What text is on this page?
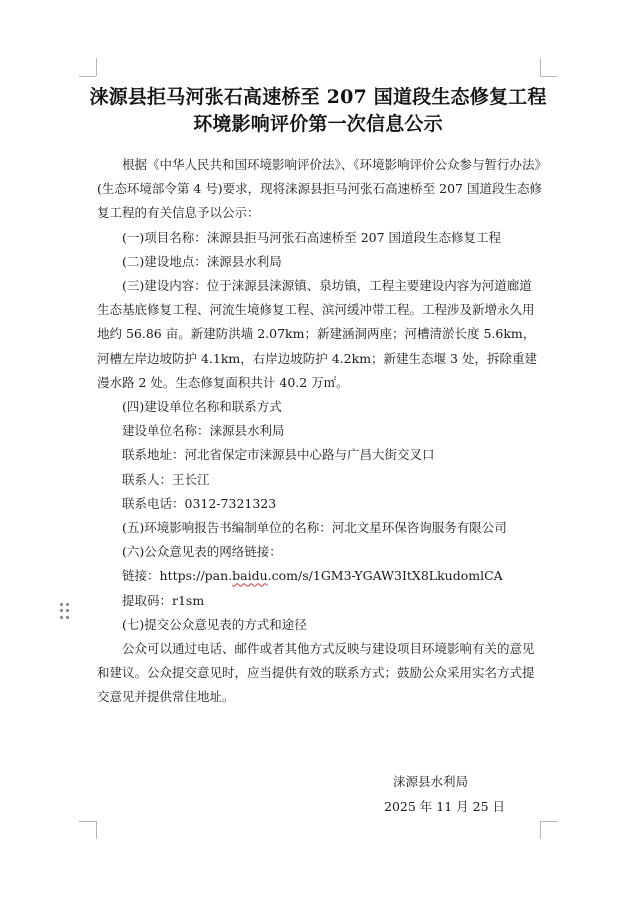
涞源县拒马河张石高速桥至 207 国道段生态修复工程
环境影响评价第一次信息公示

根据《中华人民共和国环境影响评价法》、《环境影响评价公众参与暂行办法》(生态环境部令第 4 号)要求，现将涞源县拒马河张石高速桥至 207 国道段生态修复工程的有关信息予以公示：

(一)项目名称：涞源县拒马河张石高速桥至 207 国道段生态修复工程

(二)建设地点：涞源县水利局

(三)建设内容：位于涞源县涞源镇、泉坊镇，工程主要建设内容为河道廊道生态基底修复工程、河流生境修复工程、滨河缓冲带工程。工程涉及新增永久用地约 56.86 亩。新建防洪墙 2.07km；新建涵洞两座；河槽清淤长度 5.6km，河槽左岸边坡防护 4.1km，右岸边坡防护 4.2km；新建生态堰 3 处，拆除重建漫水路 2 处。生态修复面积共计 40.2 万㎡。

(四)建设单位名称和联系方式

建设单位名称：涞源县水利局

联系地址：河北省保定市涞源县中心路与广昌大街交叉口

联系人：王长江

联系电话：0312-7321323

(五)环境影响报告书编制单位的名称：河北文星环保咨询服务有限公司

(六)公众意见表的网络链接：

链接：https://pan.baidu.com/s/1GM3-YGAW3ItX8LkudomlCA

提取码：r1sm

(七)提交公众意见表的方式和途径

公众可以通过电话、邮件或者其他方式反映与建设项目环境影响有关的意见和建议。公众提交意见时，应当提供有效的联系方式；鼓励公众采用实名方式提交意见并提供常住地址。

涞源县水利局
2025 年 11 月 25 日
